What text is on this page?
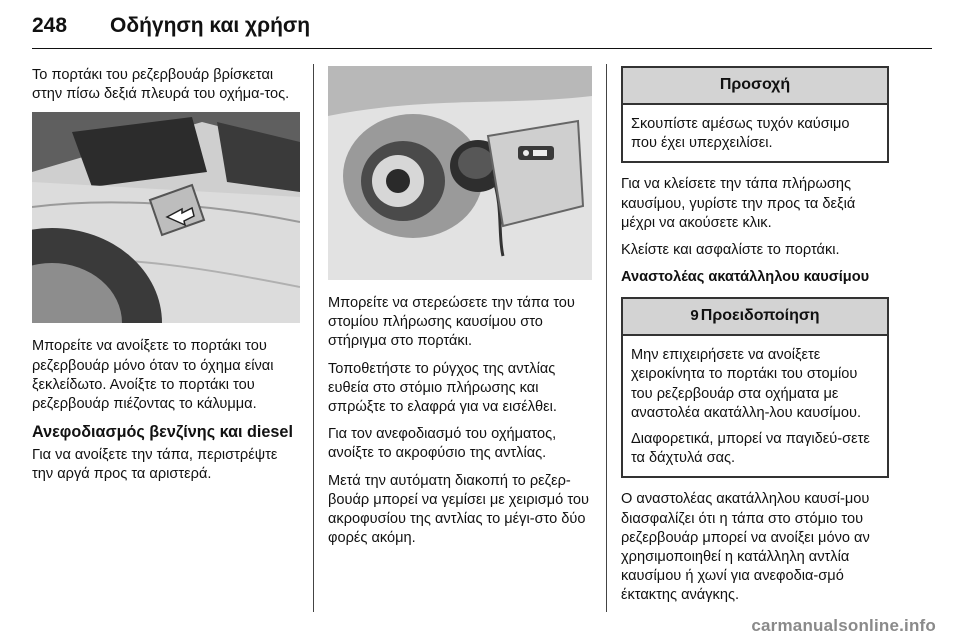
248 Οδήγηση και χρήση

Το πορτάκι του ρεζερβουάρ βρίσκεται στην πίσω δεξιά πλευρά του οχήμα-τος.

Μπορείτε να ανοίξετε το πορτάκι του ρεζερβουάρ μόνο όταν το όχημα είναι ξεκλείδωτο. Ανοίξτε το πορτάκι του ρεζερβουάρ πιέζοντας το κάλυμμα.

Ανεφοδιασμός βενζίνης και diesel

Για να ανοίξετε την τάπα, περιστρέψτε την αργά προς τα αριστερά.

Μπορείτε να στερεώσετε την τάπα του στομίου πλήρωσης καυσίμου στο στήριγμα στο πορτάκι.

Τοποθετήστε το ρύγχος της αντλίας ευθεία στο στόμιο πλήρωσης και σπρώξτε το ελαφρά για να εισέλθει.

Για τον ανεφοδιασμό του οχήματος, ανοίξτε το ακροφύσιο της αντλίας.

Μετά την αυτόματη διακοπή το ρεζερ-βουάρ μπορεί να γεμίσει με χειρισμό του ακροφυσίου της αντλίας το μέγι-στο δύο φορές ακόμη.

Προσοχή

Σκουπίστε αμέσως τυχόν καύσιμο που έχει υπερχειλίσει.

Για να κλείσετε την τάπα πλήρωσης καυσίμου, γυρίστε την προς τα δεξιά μέχρι να ακούσετε κλικ.

Κλείστε και ασφαλίστε το πορτάκι.

Αναστολέας ακατάλληλου καυσίμου
9 Προειδοποίηση

Μην επιχειρήσετε να ανοίξετε χειροκίνητα το πορτάκι του στομίου του ρεζερβουάρ στα οχήματα με αναστολέα ακατάλλη-λου καυσίμου.

Διαφορετικά, μπορεί να παγιδεύ-σετε τα δάχτυλά σας.

Ο αναστολέας ακατάλληλου καυσί-μου διασφαλίζει ότι η τάπα στο στόμιο του ρεζερβουάρ μπορεί να ανοίξει μόνο αν χρησιμοποιηθεί η κατάλληλη αντλία καυσίμου ή χωνί για ανεφοδια-σμό έκτακτης ανάγκης.

carmanualsonline.info
